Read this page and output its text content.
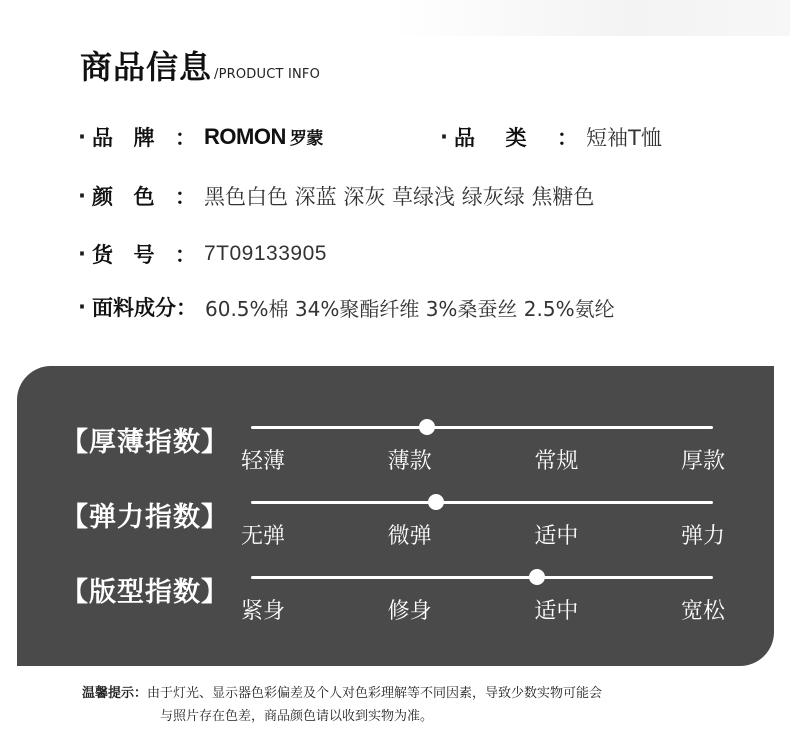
商品信息 /PRODUCT INFO
· 品 牌 ： ROMON 罗蒙	· 品 类 ： 短袖T恤
· 颜 色 ： 黑色白色 深蓝 深灰 草绿浅 绿灰绿 焦糖色
· 货 号 ： 7T09133905
· 面料成分： 60.5%棉 34%聚酯纤维 3%桑蚕丝 2.5%氨纶
【厚薄指数】
轻薄	薄款	常规	厚款
【弹力指数】
无弹	微弹	适中	弹力
【版型指数】
紧身	修身	适中	宽松
温馨提示：由于灯光、显示器色彩偏差及个人对色彩理解等不同因素，导致少数实物可能会
与照片存在色差，商品颜色请以收到实物为准。
